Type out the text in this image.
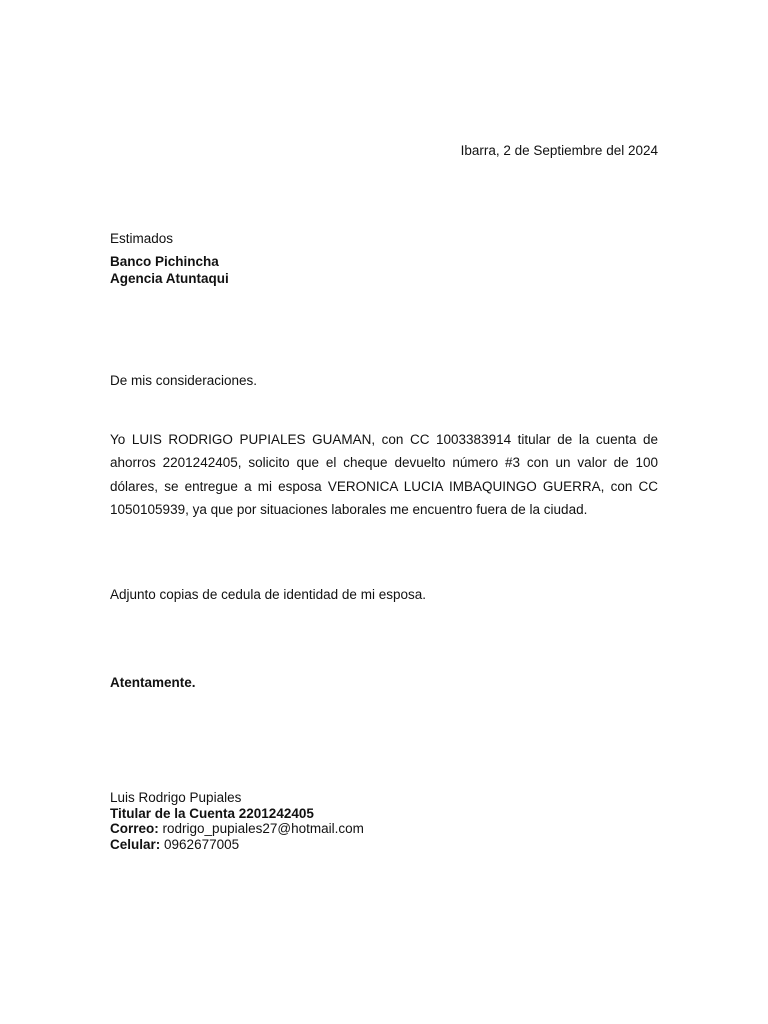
Ibarra, 2 de Septiembre del 2024
Estimados
Banco Pichincha
Agencia Atuntaqui
De mis consideraciones.
Yo LUIS RODRIGO PUPIALES GUAMAN, con CC 1003383914 titular de la cuenta de ahorros 2201242405, solicito que el cheque devuelto número #3 con un valor de 100 dólares, se entregue a mi esposa VERONICA LUCIA IMBAQUINGO GUERRA, con CC 1050105939, ya que por situaciones laborales me encuentro fuera de la ciudad.
Adjunto copias de cedula de identidad de mi esposa.
Atentamente.
Luis Rodrigo Pupiales
Titular de la Cuenta 2201242405
Correo: rodrigo_pupiales27@hotmail.com
Celular: 0962677005
